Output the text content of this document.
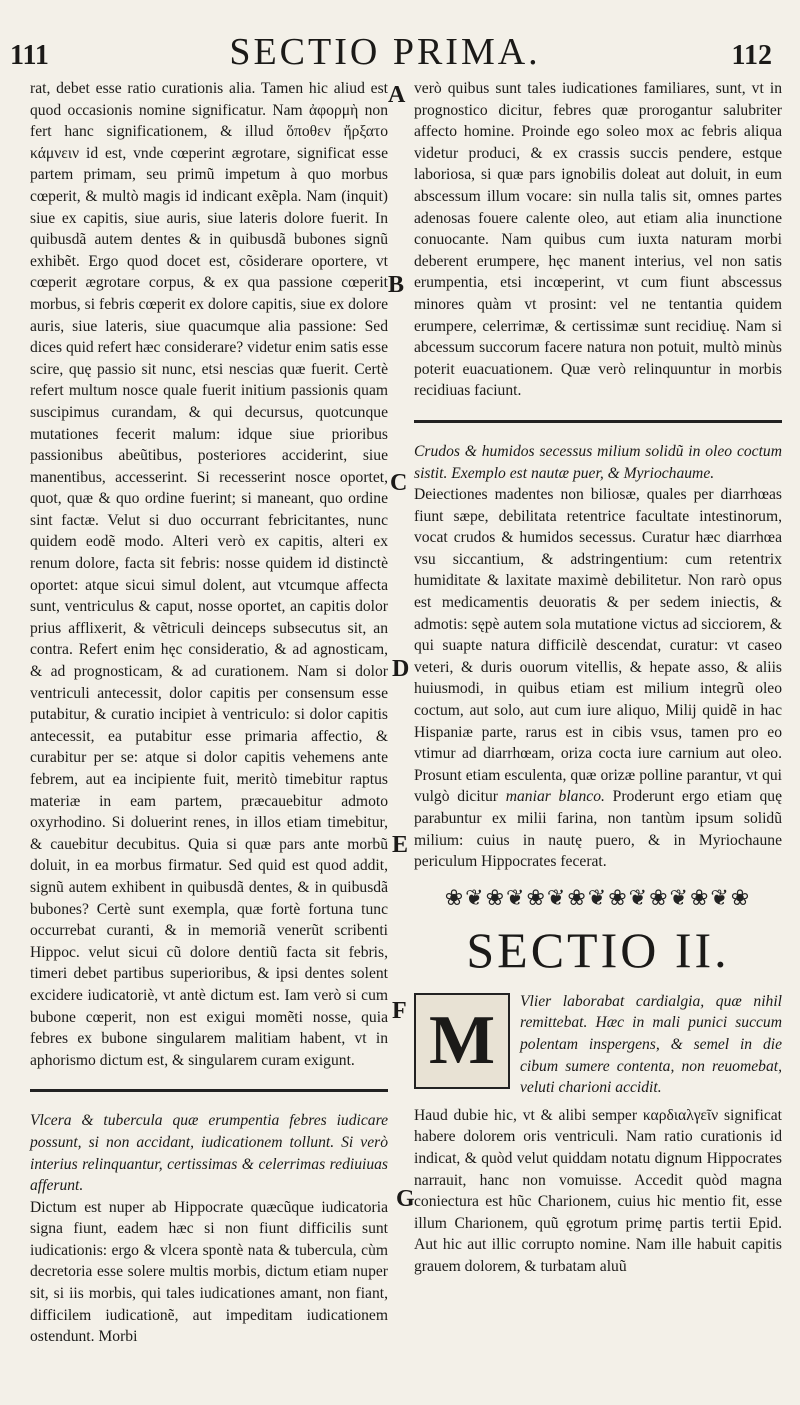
111	SECTIO PRIMA.	112
A
B
C
D
E
F
G

rat, debet esse ratio curationis alia. Tamen hic aliud est quod occasionis nomine significatur. Nam ἀφορμὴ non fert hanc significationem, & illud ὅποθεν ἤρξατο κάμνειν id est, vnde cœperint ægrotare, significat esse partem primam, seu primũ impetum à quo morbus cœperit, & multò magis id indicant exẽpla. Nam (inquit) siue ex capitis, siue auris, siue lateris dolore fuerit. In quibusdã autem dentes & in quibusdã bubones signũ exhibẽt. Ergo quod docet est, cõsiderare oportere, vt cœperit ægrotare corpus, & ex qua passione cœperit morbus, si febris cœperit ex dolore capitis, siue ex dolore auris, siue lateris, siue quacumque alia passione: Sed dices quid refert hæc considerare? videtur enim satis esse scire, quę passio sit nunc, etsi nescias quæ fuerit. Certè refert multum nosce quale fuerit initium passionis quam suscipimus curandam, & qui decursus, quotcunque mutationes fecerit malum: idque siue prioribus passionibus abeũtibus, posteriores acciderint, siue manentibus, accesserint. Si recesserint nosce oportet, quot, quæ & quo ordine fuerint; si maneant, quo ordine sint factæ. Velut si duo occurrant febricitantes, nunc quidem eodẽ modo. Alteri verò ex capitis, alteri ex renum dolore, facta sit febris: nosse quidem id distinctè oportet: atque sicui simul dolent, aut vtcumque affecta sunt, ventriculus & caput, nosse oportet, an capitis dolor prius afflixerit, & vẽtriculi deinceps subsecutus sit, an contra. Refert enim hęc consideratio, & ad agnosticam, & ad prognosticam, & ad curationem. Nam si dolor ventriculi antecessit, dolor capitis per consensum esse putabitur, & curatio incipiet à ventriculo: si dolor capitis antecessit, ea putabitur esse primaria affectio, & curabitur per se: atque si dolor capitis vehemens ante febrem, aut ea incipiente fuit, meritò timebitur raptus materiæ in eam partem, præcauebitur admoto oxyrhodino. Si doluerint renes, in illos etiam timebitur, & cauebitur decubitus. Quia si quæ pars ante morbũ doluit, in ea morbus firmatur. Sed quid est quod addit, signũ autem exhibent in quibusdã dentes, & in quibusdã bubones? Certè sunt exempla, quæ fortè fortuna tunc occurrebat curanti, & in memoriã venerũt scribenti Hippoc. velut sicui cũ dolore dentiũ facta sit febris, timeri debet partibus superioribus, & ipsi dentes solent excidere iudicatoriè, vt antè dictum est. Iam verò si cum bubone cœperit, non est exigui momẽti nosse, quia febres ex bubone singularem malitiam habent, vt in aphorismo dictum est, & singularem curam exigunt.

Vlcera & tubercula quæ erumpentia febres iudicare possunt, si non accidant, iudicationem tollunt. Si verò interius relinquantur, certissimas & celerrimas rediuiuas afferunt.

Dictum est nuper ab Hippocrate quæcũque iudicatoria signa fiunt, eadem hæc si non fiunt difficilis sunt iudicationis: ergo & vlcera spontè nata & tubercula, cùm decretoria esse solere multis morbis, dictum etiam nuper sit, si iis morbis, qui tales iudicationes amant, non fiant, difficilem iudicationẽ, aut impeditam iudicationem ostendunt. Morbi

verò quibus sunt tales iudicationes familiares, sunt, vt in prognostico dicitur, febres quæ prorogantur salubriter affecto homine. Proinde ego soleo mox ac febris aliqua videtur produci, & ex crassis succis pendere, estque laboriosa, si quæ pars ignobilis doleat aut doluit, in eum abscessum illum vocare: sin nulla talis sit, omnes partes adenosas fouere calente oleo, aut etiam alia inunctione conuocante. Nam quibus cum iuxta naturam morbi deberent erumpere, hęc manent interius, vel non satis erumpentia, etsi incœperint, vt cum fiunt abscessus minores quàm vt prosint: vel ne tentantia quidem erumpere, celerrimæ, & certissimæ sunt recidiuę. Nam si abcessum succorum facere natura non potuit, multò minùs poterit euacuationem. Quæ verò relinquuntur in morbis recidiuas faciunt.

Crudos & humidos secessus milium solidũ in oleo coctum sistit. Exemplo est nautæ puer, & Myriochaume.

Deiectiones madentes non biliosæ, quales per diarrhœas fiunt sæpe, debilitata retentrice facultate intestinorum, vocat crudos & humidos secessus. Curatur hæc diarrhœa vsu siccantium, & adstringentium: cum retentrix humiditate & laxitate maximè debilitetur. Non rarò opus est medicamentis deuoratis & per sedem iniectis, & admotis: sępè autem sola mutatione victus ad sicciorem, & qui suapte natura difficilè descendat, curatur: vt caseo veteri, & duris ouorum vitellis, & hepate asso, & aliis huiusmodi, in quibus etiam est milium integrũ oleo coctum, aut solo, aut cum iure aliquo, Milij quidẽ in hac Hispaniæ parte, rarus est in cibis vsus, tamen pro eo vtimur ad diarrhœam, oriza cocta iure carnium aut oleo. Prosunt etiam esculenta, quæ orizæ polline parantur, vt qui vulgò dicitur maniar blanco. Proderunt ergo etiam quę parabuntur ex milii farina, non tantùm ipsum solidũ milium: cuius in nautę puero, & in Myriochaune periculum Hippocrates fecerat.

❀❦❀❦❀❦❀❦❀❦❀❦❀❦❀
SECTIO II.
M

Vlier laborabat cardialgia, quæ nihil remittebat. Hæc in mali punici succum polentam inspergens, & semel in die cibum sumere contenta, non reuomebat, veluti charioni accidit.

Haud dubie hic, vt & alibi semper καρδιαλγεῖν significat habere dolorem oris ventriculi. Nam ratio curationis id indicat, & quòd velut quiddam notatu dignum Hippocrates narrauit, hanc non vomuisse. Accedit quòd magna coniectura est hũc Charionem, cuius hic mentio fit, esse illum Charionem, quũ ęgrotum primę partis tertii Epid. Aut hic aut illic corrupto nomine. Nam ille habuit capitis grauem dolorem, & turbatam aluũ
